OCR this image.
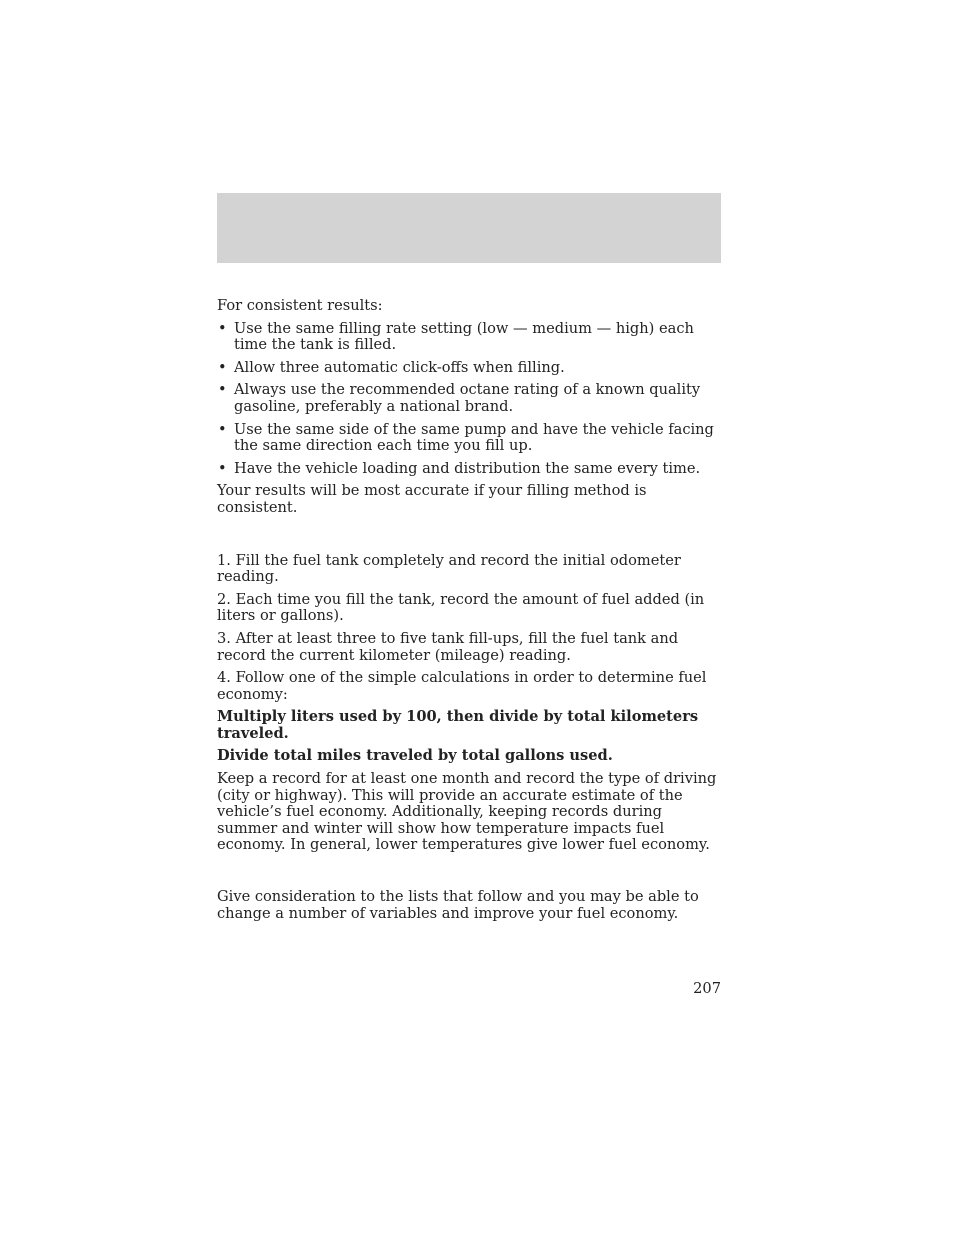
For consistent results:

• Use the same filling rate setting (low — medium — high) each time the tank is filled.
• Allow three automatic click-offs when filling.
• Always use the recommended octane rating of a known quality gasoline, preferably a national brand.
• Use the same side of the same pump and have the vehicle facing the same direction each time you fill up.
• Have the vehicle loading and distribution the same every time.

Your results will be most accurate if your filling method is consistent.

1. Fill the fuel tank completely and record the initial odometer reading.

2. Each time you fill the tank, record the amount of fuel added (in liters or gallons).

3. After at least three to five tank fill-ups, fill the fuel tank and record the current kilometer (mileage) reading.

4. Follow one of the simple calculations in order to determine fuel economy:

Multiply liters used by 100, then divide by total kilometers traveled.

Divide total miles traveled by total gallons used.

Keep a record for at least one month and record the type of driving (city or highway). This will provide an accurate estimate of the vehicle’s fuel economy. Additionally, keeping records during summer and winter will show how temperature impacts fuel economy. In general, lower temperatures give lower fuel economy.

Give consideration to the lists that follow and you may be able to change a number of variables and improve your fuel economy.

207
